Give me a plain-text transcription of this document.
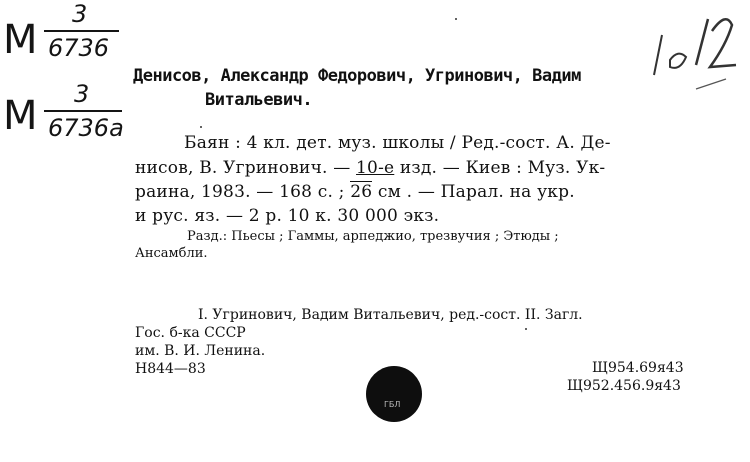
М
3
6736
М 3
6736а
Денисов, Александр Федорович, Угринович, Вадим
Витальевич.
Баян : 4 кл. дет. муз. школы / Ред.-сост. А. Де-
нисов, В. Угринович. — 10-е изд. — Киев : Муз. Ук-
раина, 1983. — 168 с. ; 26 см . — Парал. на укр.
и рус. яз. — 2 р. 10 к. 30 000 экз.
Разд.: Пьесы ; Гаммы, арпеджио, трезвучия ; Этюды ;
Ансамбли.
I. Угринович, Вадим Витальевич, ред.-сост. II. Загл.
Гос. б-ка СССР
им. В. И. Ленина.
Н844—83	Щ954.69я43
Щ952.456.9я43
ГБЛ
